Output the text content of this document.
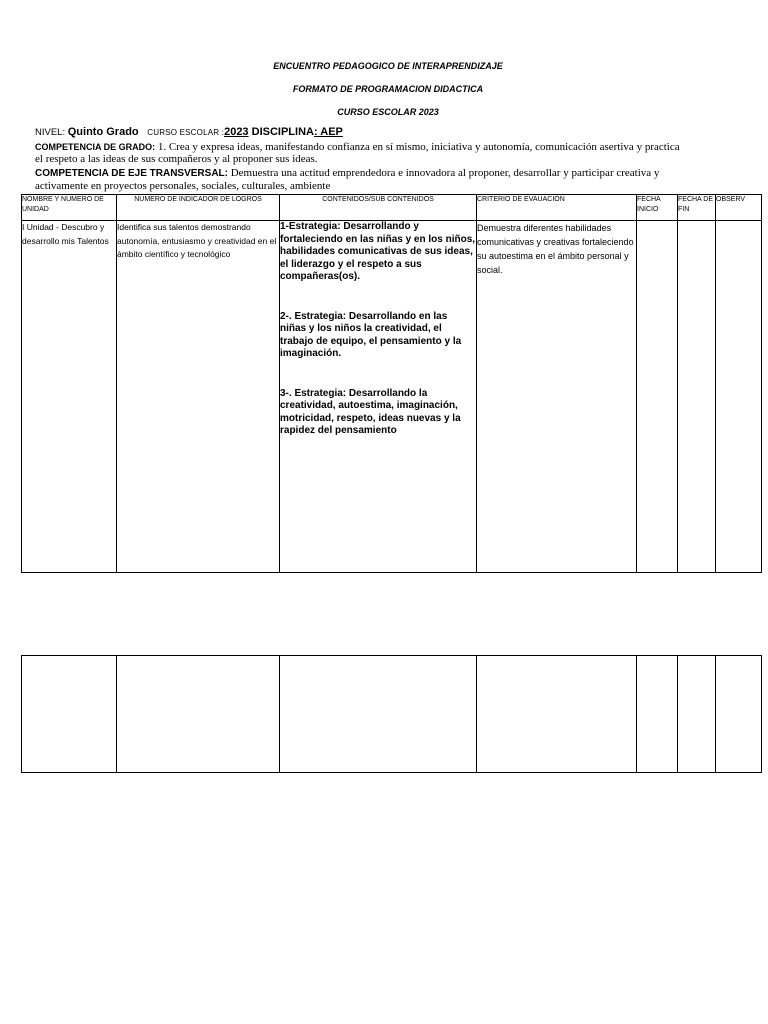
ENCUENTRO PEDAGOGICO DE INTERAPRENDIZAJE
FORMATO DE PROGRAMACION DIDACTICA
CURSO ESCOLAR 2023
NIVEL: Quinto Grado CURSO ESCOLAR :2023 DISCIPLINA: AEP
COMPETENCIA DE GRADO: 1. Crea y expresa ideas, manifestando confianza en sí mismo, iniciativa y autonomía, comunicación asertiva y practica el respeto a las ideas de sus compañeros y al proponer sus ideas.
COMPETENCIA DE EJE TRANSVERSAL: Demuestra una actitud emprendedora e innovadora al proponer, desarrollar y participar creativa y activamente en proyectos personales, sociales, culturales, ambiente
NOMBRE Y NUMERO DE UNIDAD	NUMERO DE INDICADOR DE LOGROS	CONTENIDOS/SUB CONTENIDOS	CRITERIO DE EVAUACIÓN	FECHA INICIO	FECHA DE FIN	OBSERV
I Unidad - Descubro y desarrollo mis Talentos	Identifica sus talentos demostrando autonomía, entusiasmo y creatividad en el ámbito científico y tecnológico	1-Estrategia: Desarrollando y fortaleciendo en las niñas y en los niños, habilidades comunicativas de sus ideas, el liderazgo y el respeto a sus compañeras(os).
2-. Estrategia: Desarrollando en las niñas y los niños la creatividad, el trabajo de equipo, el pensamiento y la imaginación.
3-. Estrategia: Desarrollando la creatividad, autoestima, imaginación, motricidad, respeto, ideas nuevas y la rapidez del pensamiento	Demuestra diferentes habilidades comunicativas y creativas fortaleciendo su autoestima en el ámbito personal y social.			
